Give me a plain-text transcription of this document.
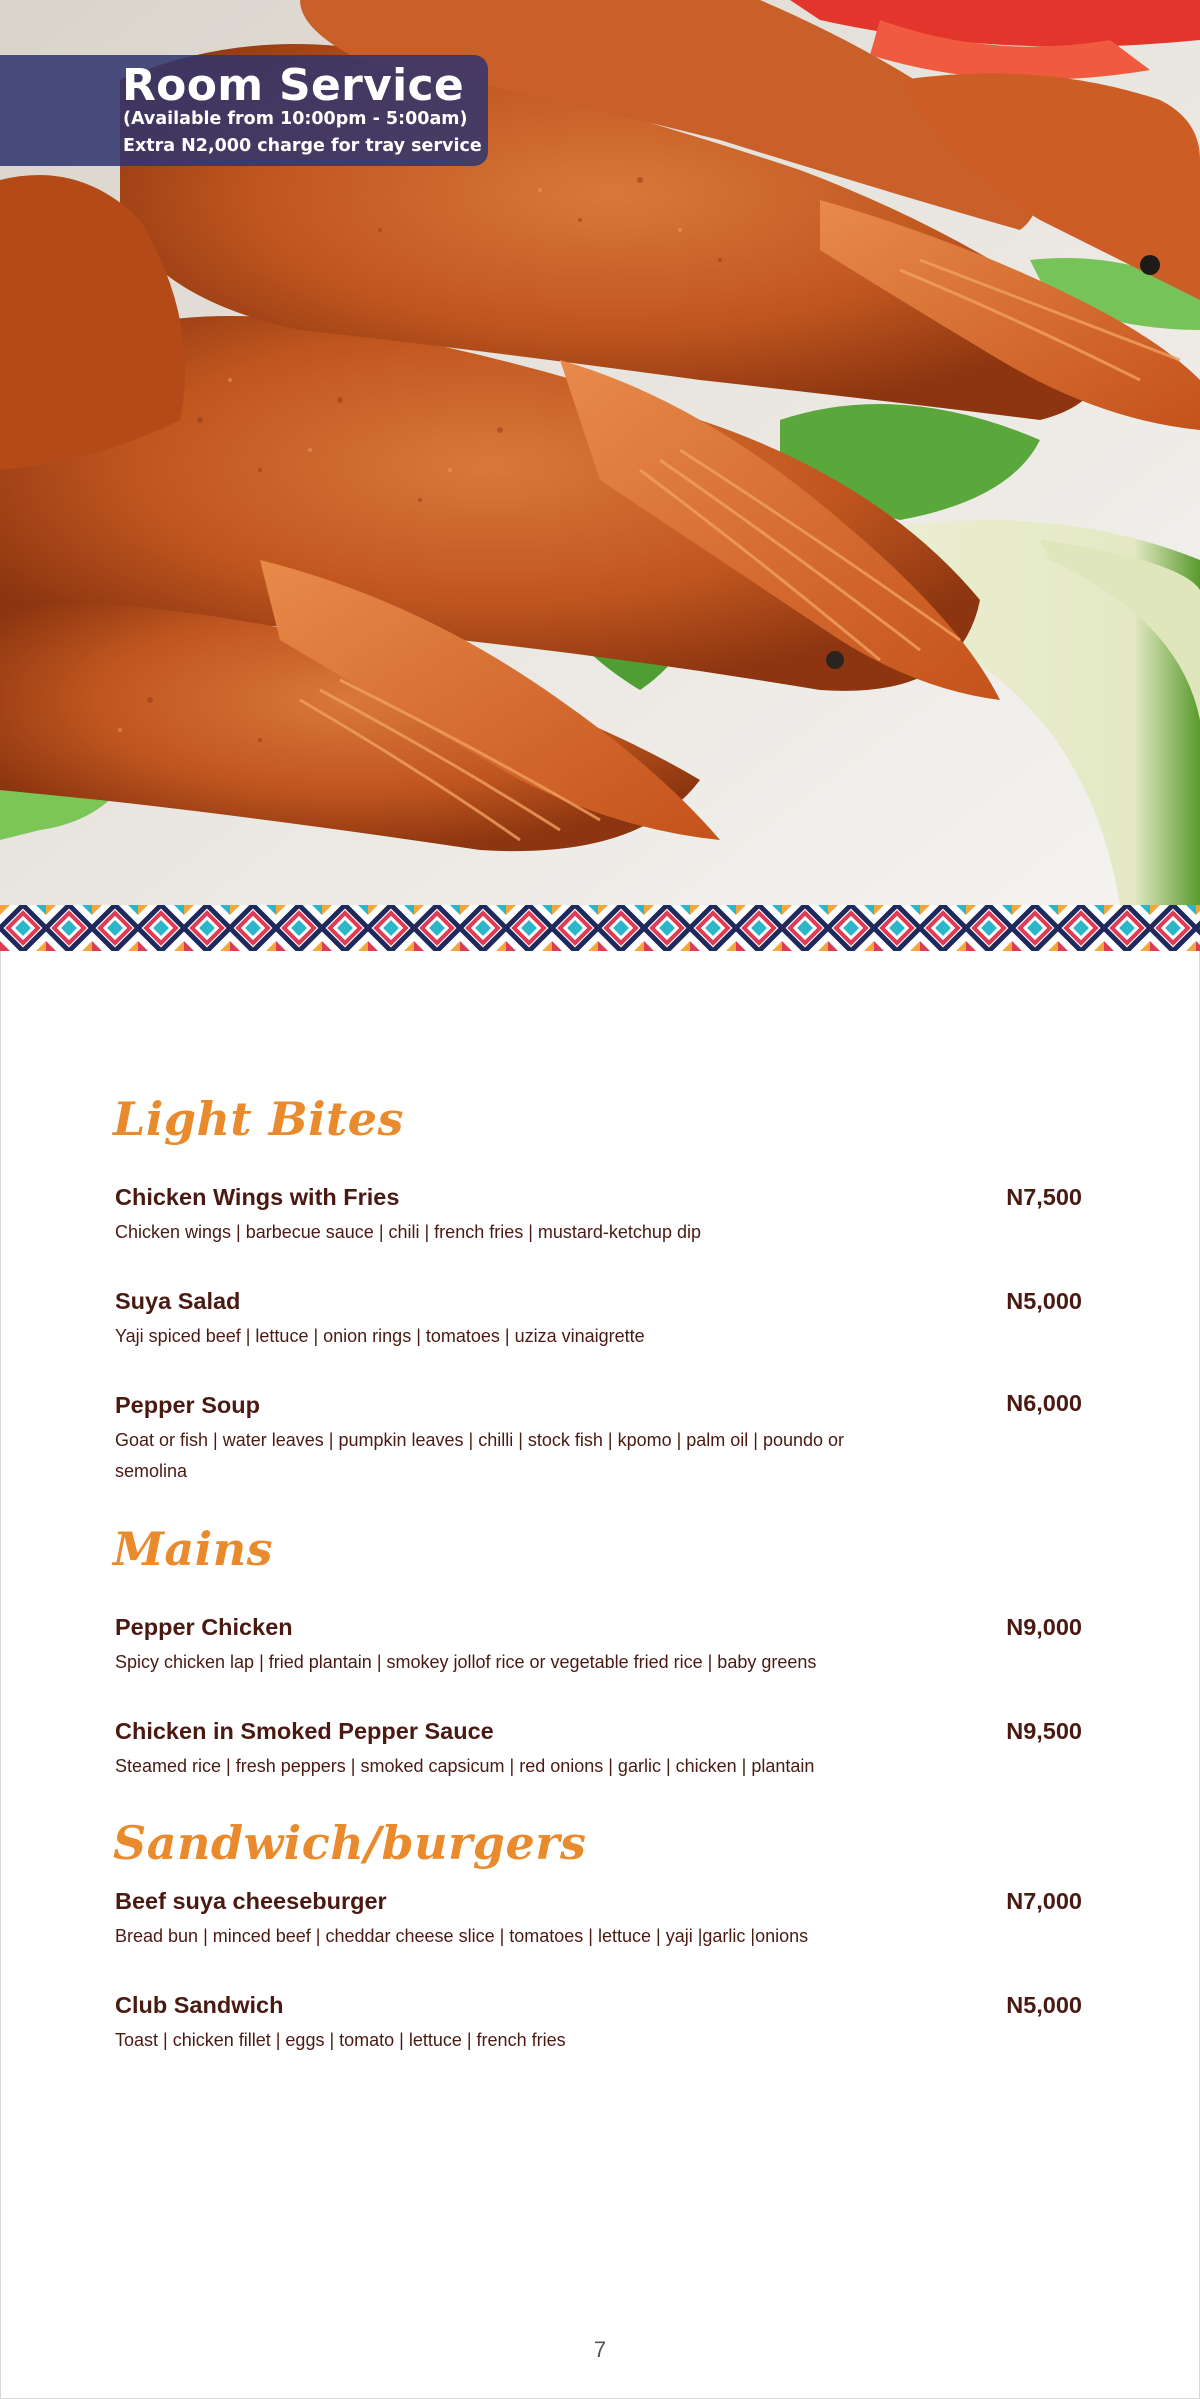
Room Service
(Available from 10:00pm - 5:00am)
Extra N2,000 charge for tray service
Light Bites
Chicken Wings with Fries	N7,500
Chicken wings | barbecue sauce | chili | french fries | mustard-ketchup dip
Suya Salad	N5,000
Yaji spiced beef | lettuce | onion rings | tomatoes | uziza vinaigrette
Pepper Soup	N6,000
Goat or fish | water leaves | pumpkin leaves | chilli | stock fish | kpomo | palm oil | poundo or semolina
Mains
Pepper Chicken	N9,000
Spicy chicken lap | fried plantain | smokey jollof rice or vegetable fried rice | baby greens
Chicken in Smoked Pepper Sauce	N9,500
Steamed rice | fresh peppers | smoked capsicum | red onions | garlic | chicken | plantain
Sandwich/burgers
Beef suya cheeseburger	N7,000
Bread bun | minced beef | cheddar cheese slice | tomatoes | lettuce | yaji |garlic |onions
Club Sandwich	N5,000
Toast | chicken fillet | eggs | tomato | lettuce | french fries
7
